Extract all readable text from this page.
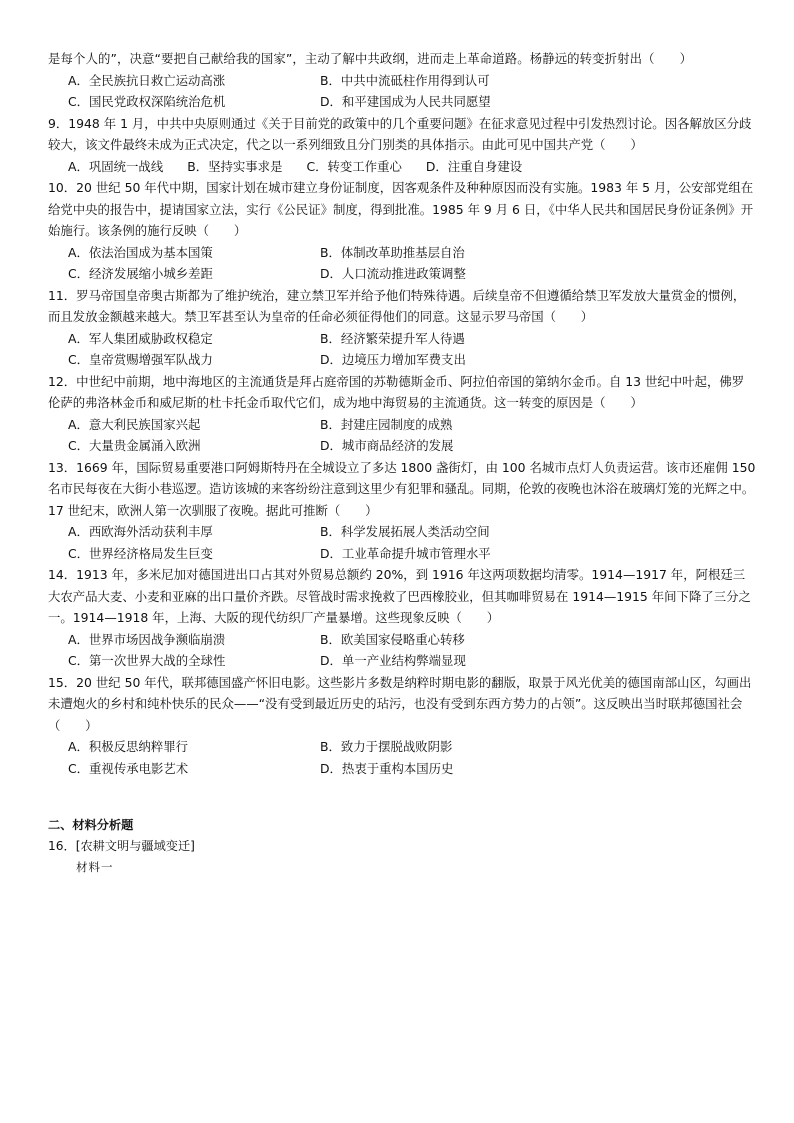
是每个人的”，决意“要把自己献给我的国家”，主动了解中共政纲，进而走上革命道路。杨静远的转变折射出（　　）

A．全民族抗日救亡运动高涨	B．中共中流砥柱作用得到认可
C．国民党政权深陷统治危机	D．和平建国成为人民共同愿望

9．1948 年 1 月，中共中央原则通过《关于目前党的政策中的几个重要问题》在征求意见过程中引发热烈讨论。因各解放区分歧较大，该文件最终未成为正式决定，代之以一系列细致且分门别类的具体指示。由此可见中国共产党（　　）

A．巩固统一战线 B．坚持实事求是 C．转变工作重心 D．注重自身建设

10．20 世纪 50 年代中期，国家计划在城市建立身份证制度，因客观条件及种种原因而没有实施。1983 年 5 月，公安部党组在给党中央的报告中，提请国家立法，实行《公民证》制度，得到批准。1985 年 9 月 6 日，《中华人民共和国居民身份证条例》开始施行。该条例的施行反映（　　）

A．依法治国成为基本国策	B．体制改革助推基层自治
C．经济发展缩小城乡差距	D．人口流动推进政策调整

11．罗马帝国皇帝奥古斯都为了维护统治，建立禁卫军并给予他们特殊待遇。后续皇帝不但遵循给禁卫军发放大量赏金的惯例，而且发放金额越来越大。禁卫军甚至认为皇帝的任命必须征得他们的同意。这显示罗马帝国（　　）

A．军人集团威胁政权稳定	B．经济繁荣提升军人待遇
C．皇帝赏赐增强军队战力	D．边境压力增加军费支出

12．中世纪中前期，地中海地区的主流通货是拜占庭帝国的苏勒德斯金币、阿拉伯帝国的第纳尔金币。自 13 世纪中叶起，佛罗伦萨的弗洛林金币和威尼斯的杜卡托金币取代它们，成为地中海贸易的主流通货。这一转变的原因是（　　）

A．意大利民族国家兴起	B．封建庄园制度的成熟
C．大量贵金属涌入欧洲	D．城市商品经济的发展

13．1669 年，国际贸易重要港口阿姆斯特丹在全城设立了多达 1800 盏街灯，由 100 名城市点灯人负责运营。该市还雇佣 150 名市民每夜在大街小巷巡逻。造访该城的来客纷纷注意到这里少有犯罪和骚乱。同期，伦敦的夜晚也沐浴在玻璃灯笼的光辉之中。17 世纪末，欧洲人第一次驯服了夜晚。据此可推断（　　）

A．西欧海外活动获利丰厚	B．科学发展拓展人类活动空间
C．世界经济格局发生巨变	D．工业革命提升城市管理水平

14．1913 年，多米尼加对德国进出口占其对外贸易总额约 20%，到 1916 年这两项数据均清零。1914—1917 年，阿根廷三大农产品大麦、小麦和亚麻的出口量价齐跌。尽管战时需求挽救了巴西橡胶业，但其咖啡贸易在 1914—1915 年间下降了三分之一。1914—1918 年，上海、大阪的现代纺织厂产量暴增。这些现象反映（　　）

A．世界市场因战争濒临崩溃	B．欧美国家侵略重心转移
C．第一次世界大战的全球性	D．单一产业结构弊端显现

15．20 世纪 50 年代，联邦德国盛产怀旧电影。这些影片多数是纳粹时期电影的翻版，取景于风光优美的德国南部山区，勾画出未遭炮火的乡村和纯朴快乐的民众——“没有受到最近历史的玷污，也没有受到东西方势力的占领”。这反映出当时联邦德国社会（　　）

A．积极反思纳粹罪行	B．致力于摆脱战败阴影
C．重视传承电影艺术	D．热衷于重构本国历史
二、材料分析题
16．[农耕文明与疆域变迁]
材料一
